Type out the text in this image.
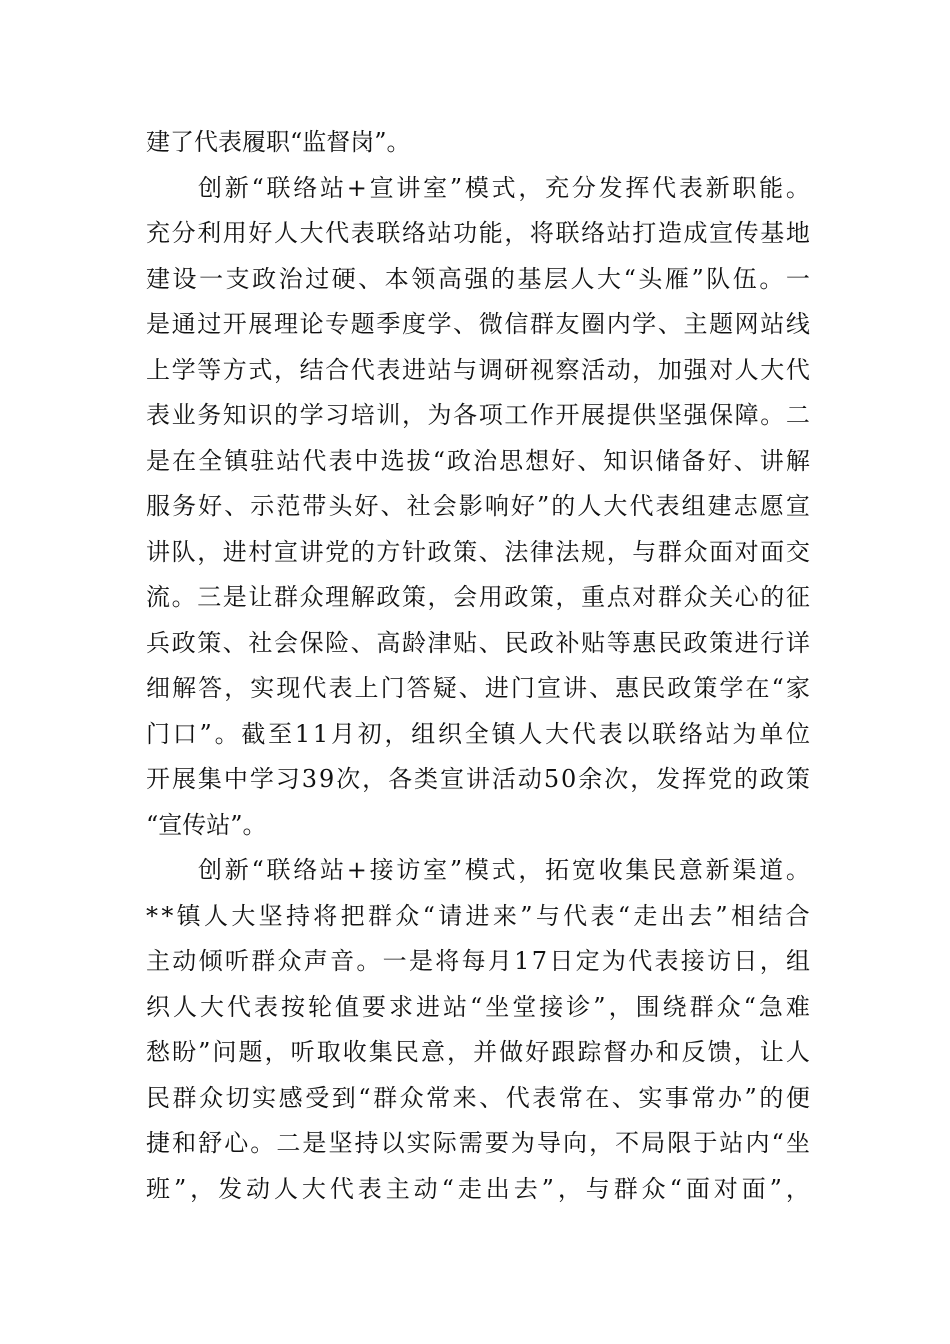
建了代表履职“监督岗”。
创 新 “ 联 络 站 + 宣 讲 室 ” 模 式 ， 充 分 发 挥 代 表 新 职 能 。
充 分 利 用 好 人 大 代 表 联 络 站 功 能 ， 将 联 络 站 打 造 成 宣 传 基 地
建 设 一 支 政 治 过 硬 、 本 领 高 强 的 基 层 人 大 “ 头 雁 ” 队 伍 。 一
是 通 过 开 展 理 论 专 题 季 度 学 、 微 信 群 友 圈 内 学 、 主 题 网 站 线
上 学 等 方 式 ， 结 合 代 表 进 站 与 调 研 视 察 活 动 ， 加 强 对 人 大 代
表 业 务 知 识 的 学 习 培 训 ， 为 各 项 工 作 开 展 提 供 坚 强 保 障 。 二
是 在 全 镇 驻 站 代 表 中 选 拔 “ 政 治 思 想 好 、 知 识 储 备 好 、 讲 解
服 务 好 、 示 范 带 头 好 、 社 会 影 响 好 ” 的 人 大 代 表 组 建 志 愿 宣
讲 队 ， 进 村 宣 讲 党 的 方 针 政 策 、 法 律 法 规 ， 与 群 众 面 对 面 交
流 。 三 是 让 群 众 理 解 政 策 ， 会 用 政 策 ， 重 点 对 群 众 关 心 的 征
兵 政 策 、 社 会 保 险 、 高 龄 津 贴 、 民 政 补 贴 等 惠 民 政 策 进 行 详
细 解 答 ， 实 现 代 表 上 门 答 疑 、 进 门 宣 讲 、 惠 民 政 策 学 在 “ 家
门 口 ” 。 截 至 1 1 月 初 ， 组 织 全 镇 人 大 代 表 以 联 络 站 为 单 位
开 展 集 中 学 习 3 9 次 ， 各 类 宣 讲 活 动 5 0 余 次 ， 发 挥 党 的 政 策
“宣传站”。
创 新 “ 联 络 站 + 接 访 室 ” 模 式 ， 拓 宽 收 集 民 意 新 渠 道 。
* * 镇 人 大 坚 持 将 把 群 众 “ 请 进 来 ” 与 代 表 “ 走 出 去 ” 相 结 合
主 动 倾 听 群 众 声 音 。 一 是 将 每 月 1 7 日 定 为 代 表 接 访 日 ， 组
织 人 大 代 表 按 轮 值 要 求 进 站 “ 坐 堂 接 诊 ” ， 围 绕 群 众 “ 急 难
愁 盼 ” 问 题 ， 听 取 收 集 民 意 ， 并 做 好 跟 踪 督 办 和 反 馈 ， 让 人
民 群 众 切 实 感 受 到 “ 群 众 常 来 、 代 表 常 在 、 实 事 常 办 ” 的 便
捷 和 舒 心 。 二 是 坚 持 以 实 际 需 要 为 导 向 ， 不 局 限 于 站 内 “ 坐
班 ” ， 发 动 人 大 代 表 主 动 “ 走 出 去 ” ， 与 群 众 “ 面 对 面 ” ，
